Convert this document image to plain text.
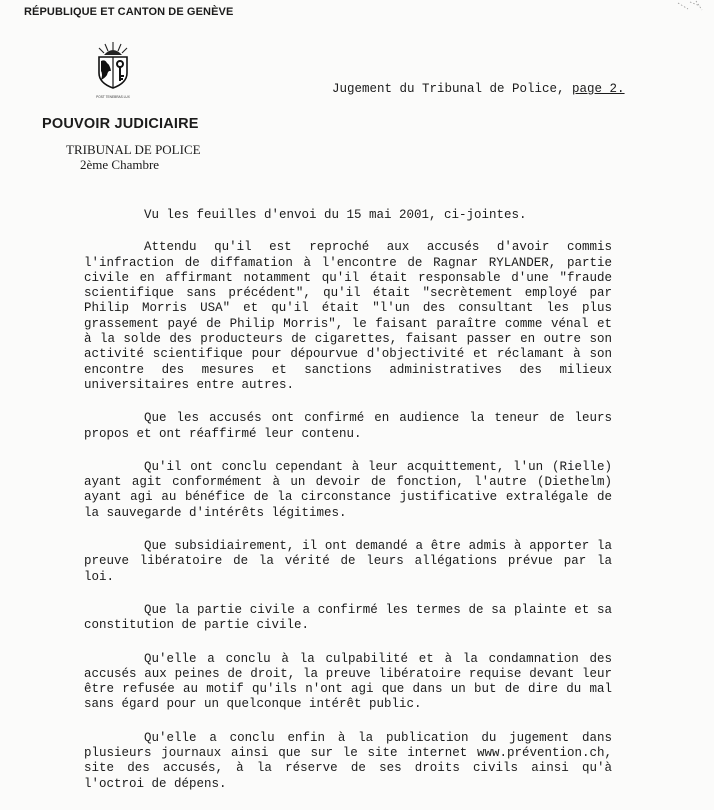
RÉPUBLIQUE ET CANTON DE GENÈVE
POST TENEBRAS LUX
POUVOIR JUDICIAIRE
TRIBUNAL DE POLICE
2ème Chambre
Jugement du Tribunal de Police, page 2.

Vu les feuilles d'envoi du 15 mai 2001, ci-jointes.

Attendu qu'il est reproché aux accusés d'avoir commis l'infraction de diffamation à l'encontre de Ragnar RYLANDER, partie civile en affirmant notamment qu'il était responsable d'une "fraude scientifique sans précédent", qu'il était "secrètement employé par Philip Morris USA" et qu'il était "l'un des consultant les plus grassement payé de Philip Morris", le faisant paraître comme vénal et à la solde des producteurs de cigarettes, faisant passer en outre son activité scientifique pour dépourvue d'objectivité et réclamant à son encontre des mesures et sanctions administratives des milieux universitaires entre autres.

Que les accusés ont confirmé en audience la teneur de leurs propos et ont réaffirmé leur contenu.

Qu'il ont conclu cependant à leur acquittement, l'un (Rielle) ayant agit conformément à un devoir de fonction, l'autre (Diethelm) ayant agi au bénéfice de la circonstance justificative extralégale de la sauvegarde d'intérêts légitimes.

Que subsidiairement, il ont demandé a être admis à apporter la preuve libératoire de la vérité de leurs allégations prévue par la loi.

Que la partie civile a confirmé les termes de sa plainte et sa constitution de partie civile.

Qu'elle a conclu à la culpabilité et à la condamnation des accusés aux peines de droit, la preuve libératoire requise devant leur être refusée au motif qu'ils n'ont agi que dans un but de dire du mal sans égard pour un quelconque intérêt public.

Qu'elle a conclu enfin à la publication du jugement dans plusieurs journaux ainsi que sur le site internet www.prévention.ch, site des accusés, à la réserve de ses droits civils ainsi qu'à l'octroi de dépens.
